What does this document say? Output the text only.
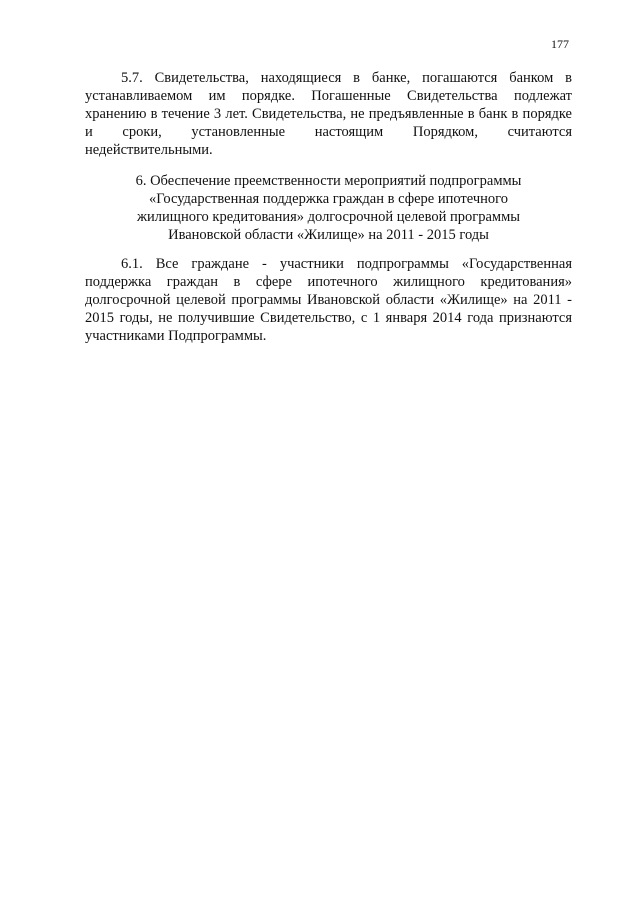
177

5.7. Свидетельства, находящиеся в банке, погашаются банком в устанавливаемом им порядке. Погашенные Свидетельства подлежат хранению в течение 3 лет. Свидетельства, не предъявленные в банк в порядке и сроки, установленные настоящим Порядком, считаются недействительными.

6. Обеспечение преемственности мероприятий подпрограммы
«Государственная поддержка граждан в сфере ипотечного
жилищного кредитования» долгосрочной целевой программы
Ивановской области «Жилище» на 2011 - 2015 годы

6.1. Все граждане - участники подпрограммы «Государственная поддержка граждан в сфере ипотечного жилищного кредитования» долгосрочной целевой программы Ивановской области «Жилище» на 2011 - 2015 годы, не получившие Свидетельство, с 1 января 2014 года признаются участниками Подпрограммы.
